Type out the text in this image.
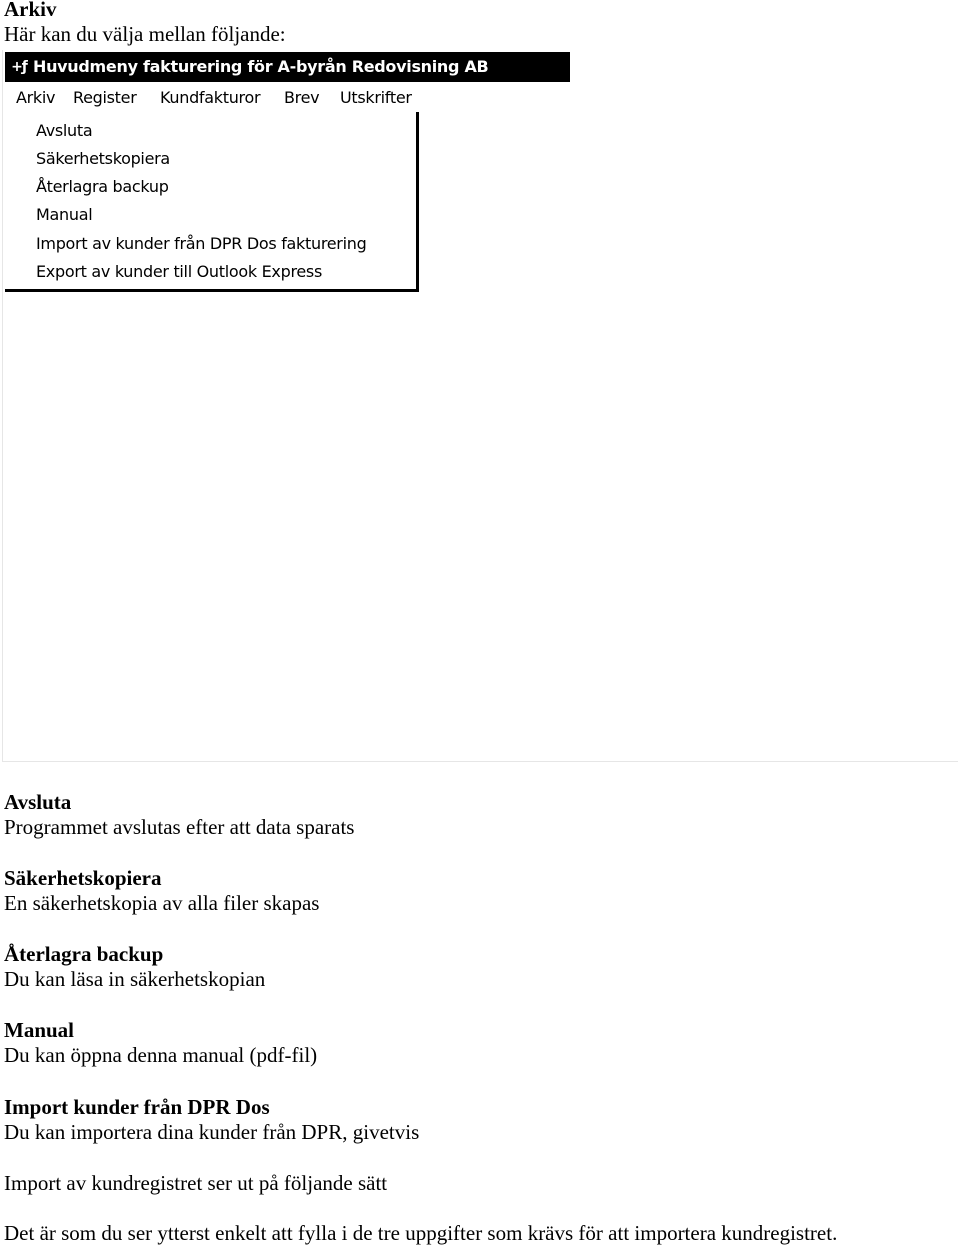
Arkiv

Här kan du välja mellan följande:

+ƒ Huvudmeny fakturering för A-byrån Redovisning AB
Arkiv Register Kundfakturor Brev Utskrifter
Avsluta
Säkerhetskopiera
Återlagra backup
Manual
Import av kunder från DPR Dos fakturering
Export av kunder till Outlook Express
Avsluta
Programmet avslutas efter att data sparats
Säkerhetskopiera
En säkerhetskopia av alla filer skapas
Återlagra backup
Du kan läsa in säkerhetskopian
Manual
Du kan öppna denna manual (pdf-fil)
Import kunder från DPR Dos
Du kan importera dina kunder från DPR, givetvis

Import av kundregistret ser ut på följande sätt

Det är som du ser ytterst enkelt att fylla i de tre uppgifter som krävs för att importera kundregistret.
